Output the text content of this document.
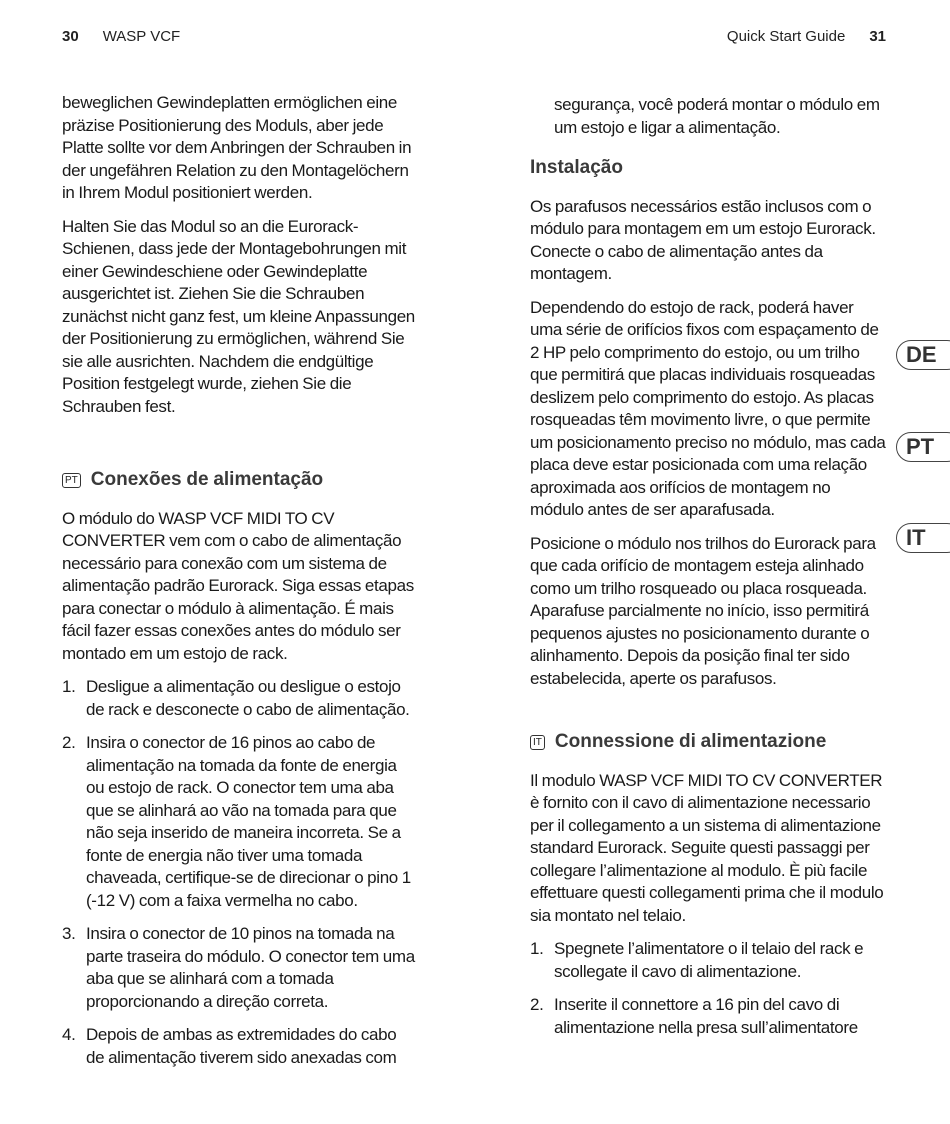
30 WASP VCF	Quick Start Guide 31

beweglichen Gewindeplatten ermöglichen eine präzise Positionierung des Moduls, aber jede Platte sollte vor dem Anbringen der Schrauben in der ungefähren Relation zu den Montagelöchern in Ihrem Modul positioniert werden.

Halten Sie das Modul so an die Eurorack-Schienen, dass jede der Montagebohrungen mit einer Gewindeschiene oder Gewindeplatte ausgerichtet ist. Ziehen Sie die Schrauben zunächst nicht ganz fest, um kleine Anpassungen der Positionierung zu ermöglichen, während Sie sie alle ausrichten. Nachdem die endgültige Position festgelegt wurde, ziehen Sie die Schrauben fest.

PT Conexões de alimentação

O módulo do WASP VCF MIDI TO CV CONVERTER vem com o cabo de alimentação necessário para conexão com um sistema de alimentação padrão Eurorack. Siga essas etapas para conectar o módulo à alimentação. É mais fácil fazer essas conexões antes do módulo ser montado em um estojo de rack.

1. Desligue a alimentação ou desligue o estojo de rack e desconecte o cabo de alimentação.
2. Insira o conector de 16 pinos ao cabo de alimentação na tomada da fonte de energia ou estojo de rack. O conector tem uma aba que se alinhará ao vão na tomada para que não seja inserido de maneira incorreta. Se a fonte de energia não tiver uma tomada chaveada, certifique-se de direcionar o pino 1 (-12 V) com a faixa vermelha no cabo.
3. Insira o conector de 10 pinos na tomada na parte traseira do módulo. O conector tem uma aba que se alinhará com a tomada proporcionando a direção correta.
4. Depois de ambas as extremidades do cabo de alimentação tiverem sido anexadas com

segurança, você poderá montar o módulo em um estojo e ligar a alimentação.

Instalação

Os parafusos necessários estão inclusos com o módulo para montagem em um estojo Eurorack. Conecte o cabo de alimentação antes da montagem.

Dependendo do estojo de rack, poderá haver uma série de orifícios fixos com espaçamento de 2 HP pelo comprimento do estojo, ou um trilho que permitirá que placas individuais rosqueadas deslizem pelo comprimento do estojo. As placas rosqueadas têm movimento livre, o que permite um posicionamento preciso no módulo, mas cada placa deve estar posicionada com uma relação aproximada aos orifícios de montagem no módulo antes de ser aparafusada.

Posicione o módulo nos trilhos do Eurorack para que cada orifício de montagem esteja alinhado como um trilho rosqueado ou placa rosqueada. Aparafuse parcialmente no início, isso permitirá pequenos ajustes no posicionamento durante o alinhamento. Depois da posição final ter sido estabelecida, aperte os parafusos.

IT Connessione di alimentazione

Il modulo WASP VCF MIDI TO CV CONVERTER è fornito con il cavo di alimentazione necessario per il collegamento a un sistema di alimentazione standard Eurorack. Seguite questi passaggi per collegare l’alimentazione al modulo. È più facile effettuare questi collegamenti prima che il modulo sia montato nel telaio.

1. Spegnete l’alimentatore o il telaio del rack e scollegate il cavo di alimentazione.
2. Inserite il connettore a 16 pin del cavo di alimentazione nella presa sull’alimentatore
DE
PT
IT
